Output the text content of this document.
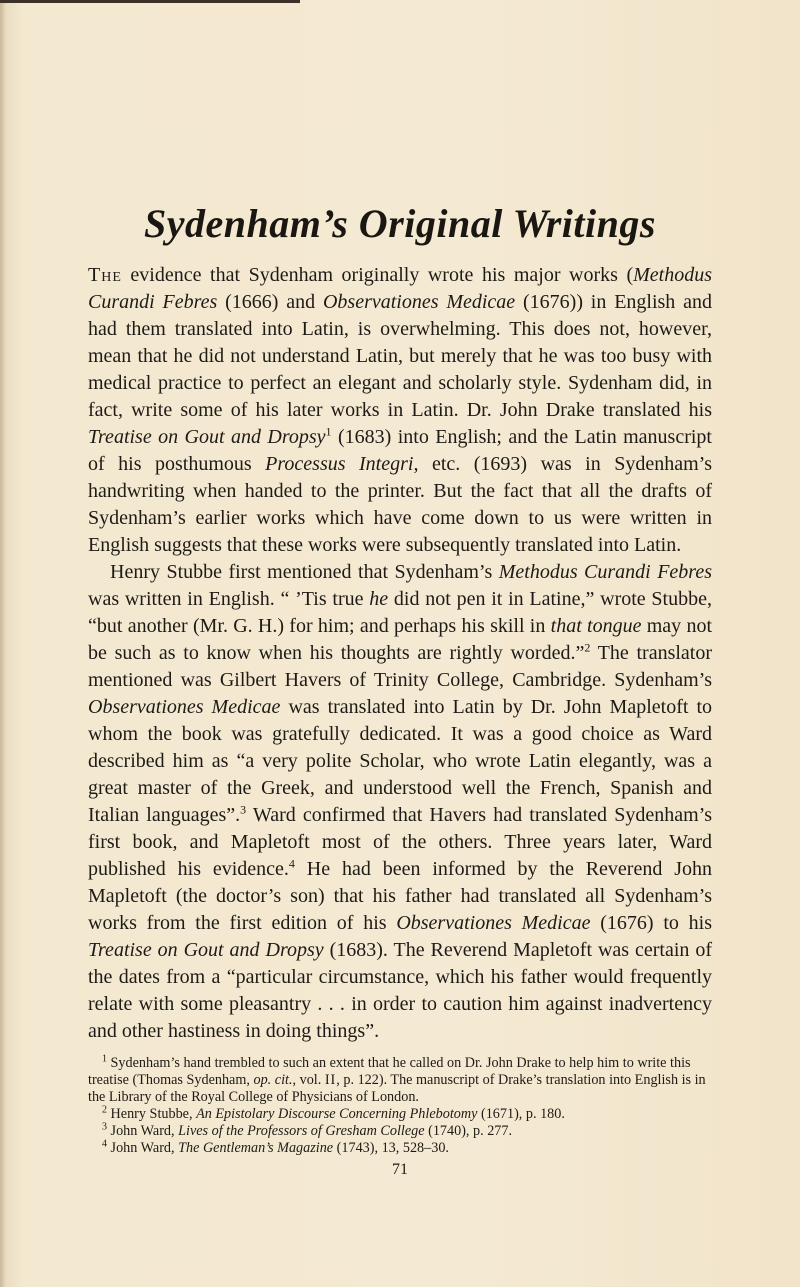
Sydenham’s Original Writings

The evidence that Sydenham originally wrote his major works (Methodus Curandi Febres (1666) and Observationes Medicae (1676)) in English and had them translated into Latin, is overwhelming. This does not, however, mean that he did not understand Latin, but merely that he was too busy with medical practice to perfect an elegant and scholarly style. Sydenham did, in fact, write some of his later works in Latin. Dr. John Drake translated his Treatise on Gout and Dropsy$^1$ (1683) into English; and the Latin manuscript of his posthumous Processus Integri, etc. (1693) was in Sydenham’s handwriting when handed to the printer. But the fact that all the drafts of Sydenham’s earlier works which have come down to us were written in English suggests that these works were subsequently translated into Latin.

Henry Stubbe first mentioned that Sydenham’s Methodus Curandi Febres was written in English. “ ’Tis true he did not pen it in Latine,” wrote Stubbe, “but another (Mr. G. H.) for him; and perhaps his skill in that tongue may not be such as to know when his thoughts are rightly worded.”$^2$ The translator mentioned was Gilbert Havers of Trinity College, Cambridge. Sydenham’s Observationes Medicae was translated into Latin by Dr. John Mapletoft to whom the book was gratefully dedicated. It was a good choice as Ward described him as “a very polite Scholar, who wrote Latin elegantly, was a great master of the Greek, and understood well the French, Spanish and Italian languages”.$^3$ Ward confirmed that Havers had translated Sydenham’s first book, and Mapletoft most of the others. Three years later, Ward published his evidence.$^4$ He had been informed by the Reverend John Mapletoft (the doctor’s son) that his father had translated all Sydenham’s works from the first edition of his Observationes Medicae (1676) to his Treatise on Gout and Dropsy (1683). The Reverend Mapletoft was certain of the dates from a “particular circumstance, which his father would frequently relate with some pleasantry . . . in order to caution him against inadvertency and other hastiness in doing things”.

$^1$ Sydenham’s hand trembled to such an extent that he called on Dr. John Drake to help him to write this treatise (Thomas Sydenham, op. cit., vol. II, p. 122). The manuscript of Drake’s translation into English is in the Library of the Royal College of Physicians of London.

$^2$ Henry Stubbe, An Epistolary Discourse Concerning Phlebotomy (1671), p. 180.

$^3$ John Ward, Lives of the Professors of Gresham College (1740), p. 277.

$^4$ John Ward, The Gentleman’s Magazine (1743), 13, 528–30.

71
